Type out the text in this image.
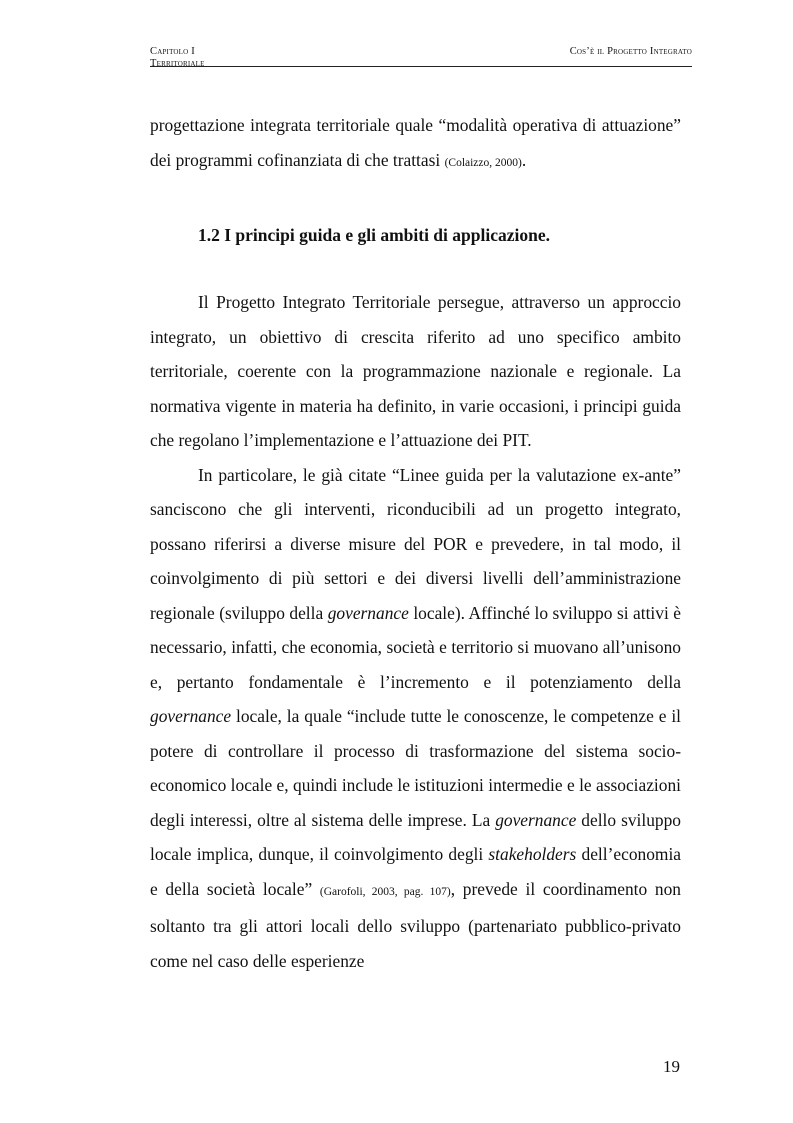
Capitolo I
Territoriale
Cos’è il Progetto Integrato

progettazione integrata territoriale quale “modalità operativa di attuazione” dei programmi cofinanziata di che trattasi (Colaizzo, 2000).

1.2 I principi guida e gli ambiti di applicazione.

Il Progetto Integrato Territoriale persegue, attraverso un approccio integrato, un obiettivo di crescita riferito ad uno specifico ambito territoriale, coerente con la programmazione nazionale e regionale. La normativa vigente in materia ha definito, in varie occasioni, i principi guida che regolano l’implementazione e l’attuazione dei PIT.

In particolare, le già citate “Linee guida per la valutazione ex-ante” sanciscono che gli interventi, riconducibili ad un progetto integrato, possano riferirsi a diverse misure del POR e prevedere, in tal modo, il coinvolgimento di più settori e dei diversi livelli dell’amministrazione regionale (sviluppo della governance locale). Affinché lo sviluppo si attivi è necessario, infatti, che economia, società e territorio si muovano all’unisono e, pertanto fondamentale è l’incremento e il potenziamento della governance locale, la quale “include tutte le conoscenze, le competenze e il potere di controllare il processo di trasformazione del sistema socio-economico locale e, quindi include le istituzioni intermedie e le associazioni degli interessi, oltre al sistema delle imprese. La governance dello sviluppo locale implica, dunque, il coinvolgimento degli stakeholders dell’economia e della società locale” (Garofoli, 2003, pag. 107), prevede il coordinamento non soltanto tra gli attori locali dello sviluppo (partenariato pubblico-privato come nel caso delle esperienze

19
